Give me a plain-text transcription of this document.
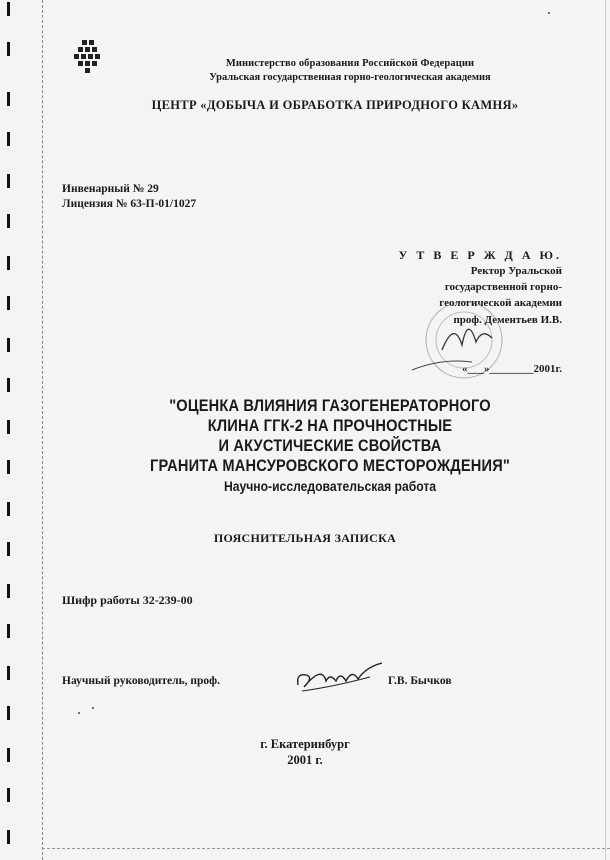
Министерство образования Российской Федерации

Уральская государственная горно-геологическая академия

ЦЕНТР «ДОБЫЧА И ОБРАБОТКА ПРИРОДНОГО КАМНЯ»

Инвенарный № 29

Лицензия № 63-П-01/1027

У Т В Е Р Ж Д А Ю.

Ректор Уральской

государственной горно-

геологической академии

проф. Дементьев И.В.

«___»________2001г.

"ОЦЕНКА ВЛИЯНИЯ ГАЗОГЕНЕРАТОРНОГО
КЛИНА ГГК-2 НА ПРОЧНОСТНЫЕ
И АКУСТИЧЕСКИЕ СВОЙСТВА
ГРАНИТА МАНСУРОВСКОГО МЕСТОРОЖДЕНИЯ"
Научно-исследовательская работа

ПОЯСНИТЕЛЬНАЯ ЗАПИСКА

Шифр работы 32-239-00

Научный руководитель, проф.	Г.В. Бычков

г. Екатеринбург

2001 г.
